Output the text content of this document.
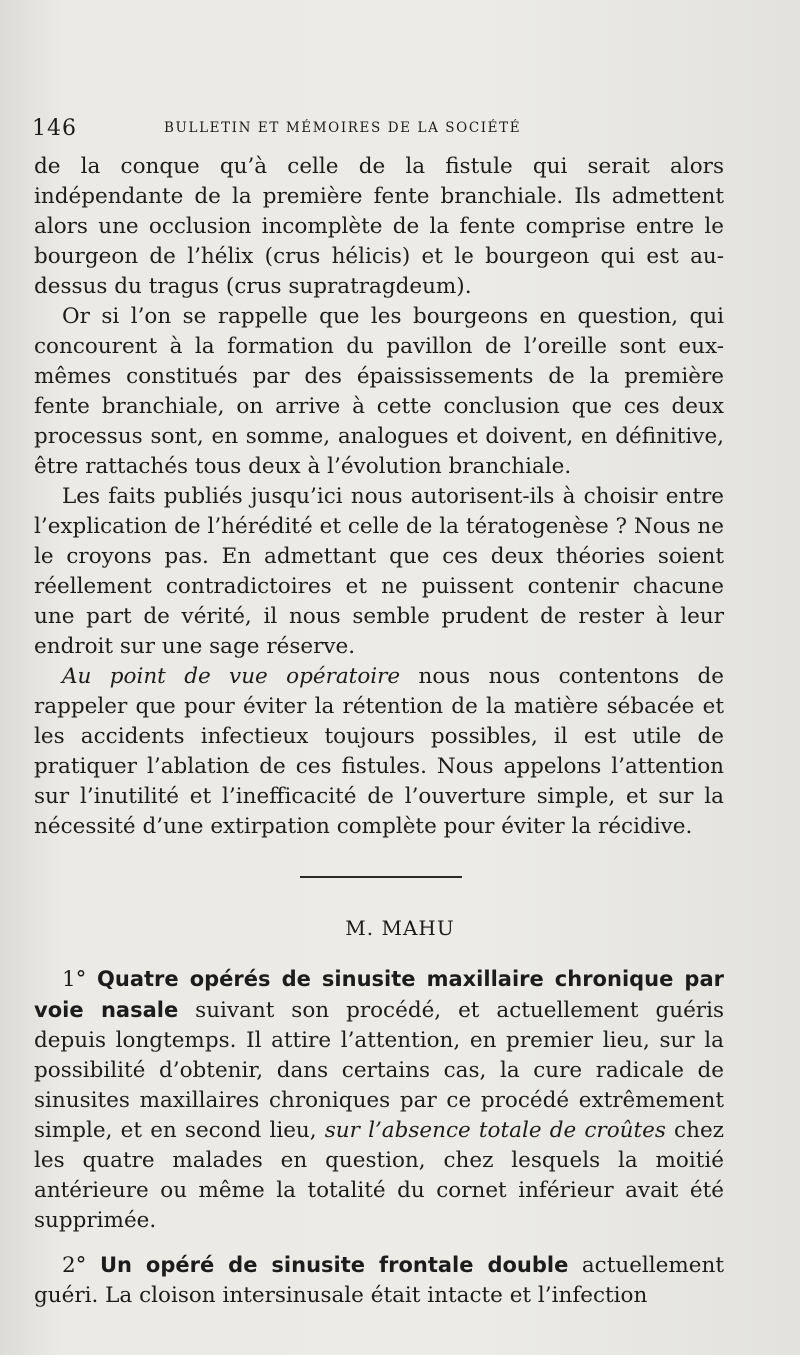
146	BULLETIN ET MÉMOIRES DE LA SOCIÉTÉ

de la conque qu’à celle de la fistule qui serait alors indépendante de la première fente branchiale. Ils admettent alors une occlusion incomplète de la fente comprise entre le bourgeon de l’hélix (crus hélicis) et le bourgeon qui est au-dessus du tragus (crus supratragdeum).

Or si l’on se rappelle que les bourgeons en question, qui concourent à la formation du pavillon de l’oreille sont eux-mêmes constitués par des épaississements de la première fente branchiale, on arrive à cette conclusion que ces deux processus sont, en somme, analogues et doivent, en définitive, être rattachés tous deux à l’évolution branchiale.

Les faits publiés jusqu’ici nous autorisent-ils à choisir entre l’explication de l’hérédité et celle de la tératogenèse ? Nous ne le croyons pas. En admettant que ces deux théories soient réellement contradictoires et ne puissent contenir chacune une part de vérité, il nous semble prudent de rester à leur endroit sur une sage réserve.

Au point de vue opératoire nous nous contentons de rappeler que pour éviter la rétention de la matière sébacée et les accidents infectieux toujours possibles, il est utile de pratiquer l’ablation de ces fistules. Nous appelons l’attention sur l’inutilité et l’inefficacité de l’ouverture simple, et sur la nécessité d’une extirpation complète pour éviter la récidive.

M. MAHU

1° Quatre opérés de sinusite maxillaire chronique par voie nasale suivant son procédé, et actuellement guéris depuis longtemps. Il attire l’attention, en premier lieu, sur la possibilité d’obtenir, dans certains cas, la cure radicale de sinusites maxillaires chroniques par ce procédé extrêmement simple, et en second lieu, sur l’absence totale de croûtes chez les quatre malades en question, chez lesquels la moitié antérieure ou même la totalité du cornet inférieur avait été supprimée.

2° Un opéré de sinusite frontale double actuellement guéri. La cloison intersinusale était intacte et l’infection
